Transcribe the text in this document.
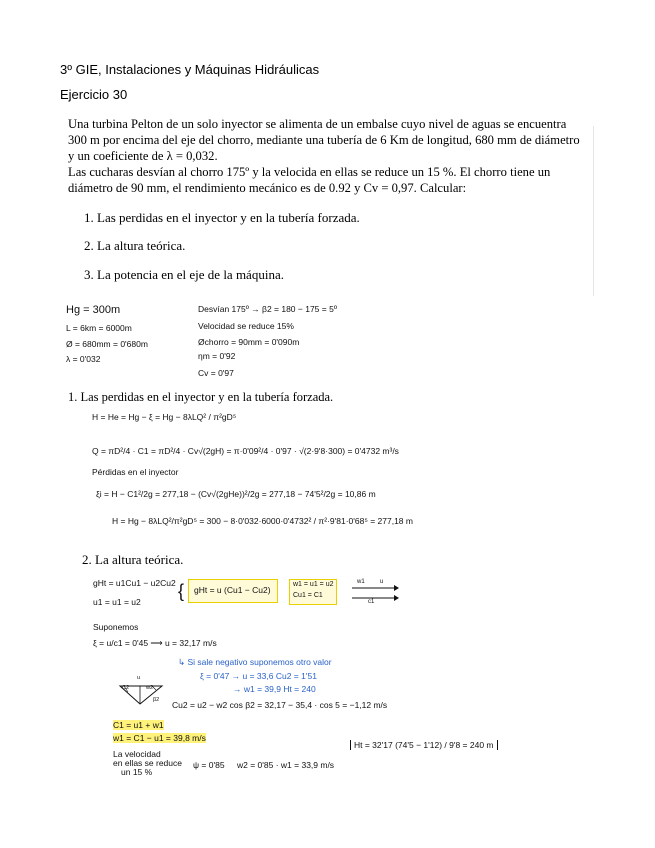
3º GIE, Instalaciones y Máquinas Hidráulicas
Ejercicio 30

Una turbina Pelton de un solo inyector se alimenta de un embalse cuyo nivel de aguas se encuentra 300 m por encima del eje del chorro, mediante una tubería de 6 Km de longitud, 680 mm de diámetro y un coeficiente de λ = 0,032.

Las cucharas desvían al chorro 175º y la velocida en ellas se reduce un 15 %. El chorro tiene un diámetro de 90 mm, el rendimiento mecánico es de 0.92 y Cv = 0,97. Calcular:

1. Las perdidas en el inyector y en la tubería forzada.
2. La altura teórica.
3. La potencia en el eje de la máquina.
Hg = 300m
L = 6km = 6000m
Ø = 680mm = 0'680m
λ = 0'032
Desvían 175º → β2 = 180 − 175 = 5º
Velocidad se reduce 15%
Øchorro = 90mm = 0'090m
ηm = 0'92
Cv = 0'97
1. Las perdidas en el inyector y en la tubería forzada.
H = He = Hg − ξ = Hg − 8λLQ² / π²gD⁵
Q = πD²/4 · C1 = πD²/4 · Cv√(2gH) = π·0'09²/4 · 0'97 · √(2·9'8·300) = 0'4732 m³/s
Pérdidas en el inyector
ξi = H − C1²/2g = 277,18 − (Cv√(2gHe))²/2g = 277,18 − 74'5²/2g = 10,86 m
H = Hg − 8λLQ²/π²gD⁵ = 300 − 8·0'032·6000·0'4732² / π²·9'81·0'68⁵ = 277,18 m
2. La altura teórica.
gHt = u1Cu1 − u2Cu2
u1 = u1 = u2
{ gHt = u (Cu1 − Cu2)
w1 = u1 = u2
Cu1 = C1
w1	u
c1
Suponemos
ξ = u/c1 = 0'45 ⟶ u = 32,17 m/s
↳ Si sale negativo suponemos otro valor
ξ = 0'47 → u = 33,6 Cu2 = 1'51
→ w1 = 39,9 Ht = 240
C2	w2
u
β2 Cu2 = u2 − w2 cos β2 = 32,17 − 35,4 · cos 5 = −1,12 m/s
C1 = u1 + w1
w1 = C1 − u1 = 39,8 m/s
La velocidad
en ellas se reduce
un 15 %
ψ = 0'85 w2 = 0'85 · w1 = 33,9 m/s
Ht = 32'17 (74'5 − 1'12) / 9'8 = 240 m
